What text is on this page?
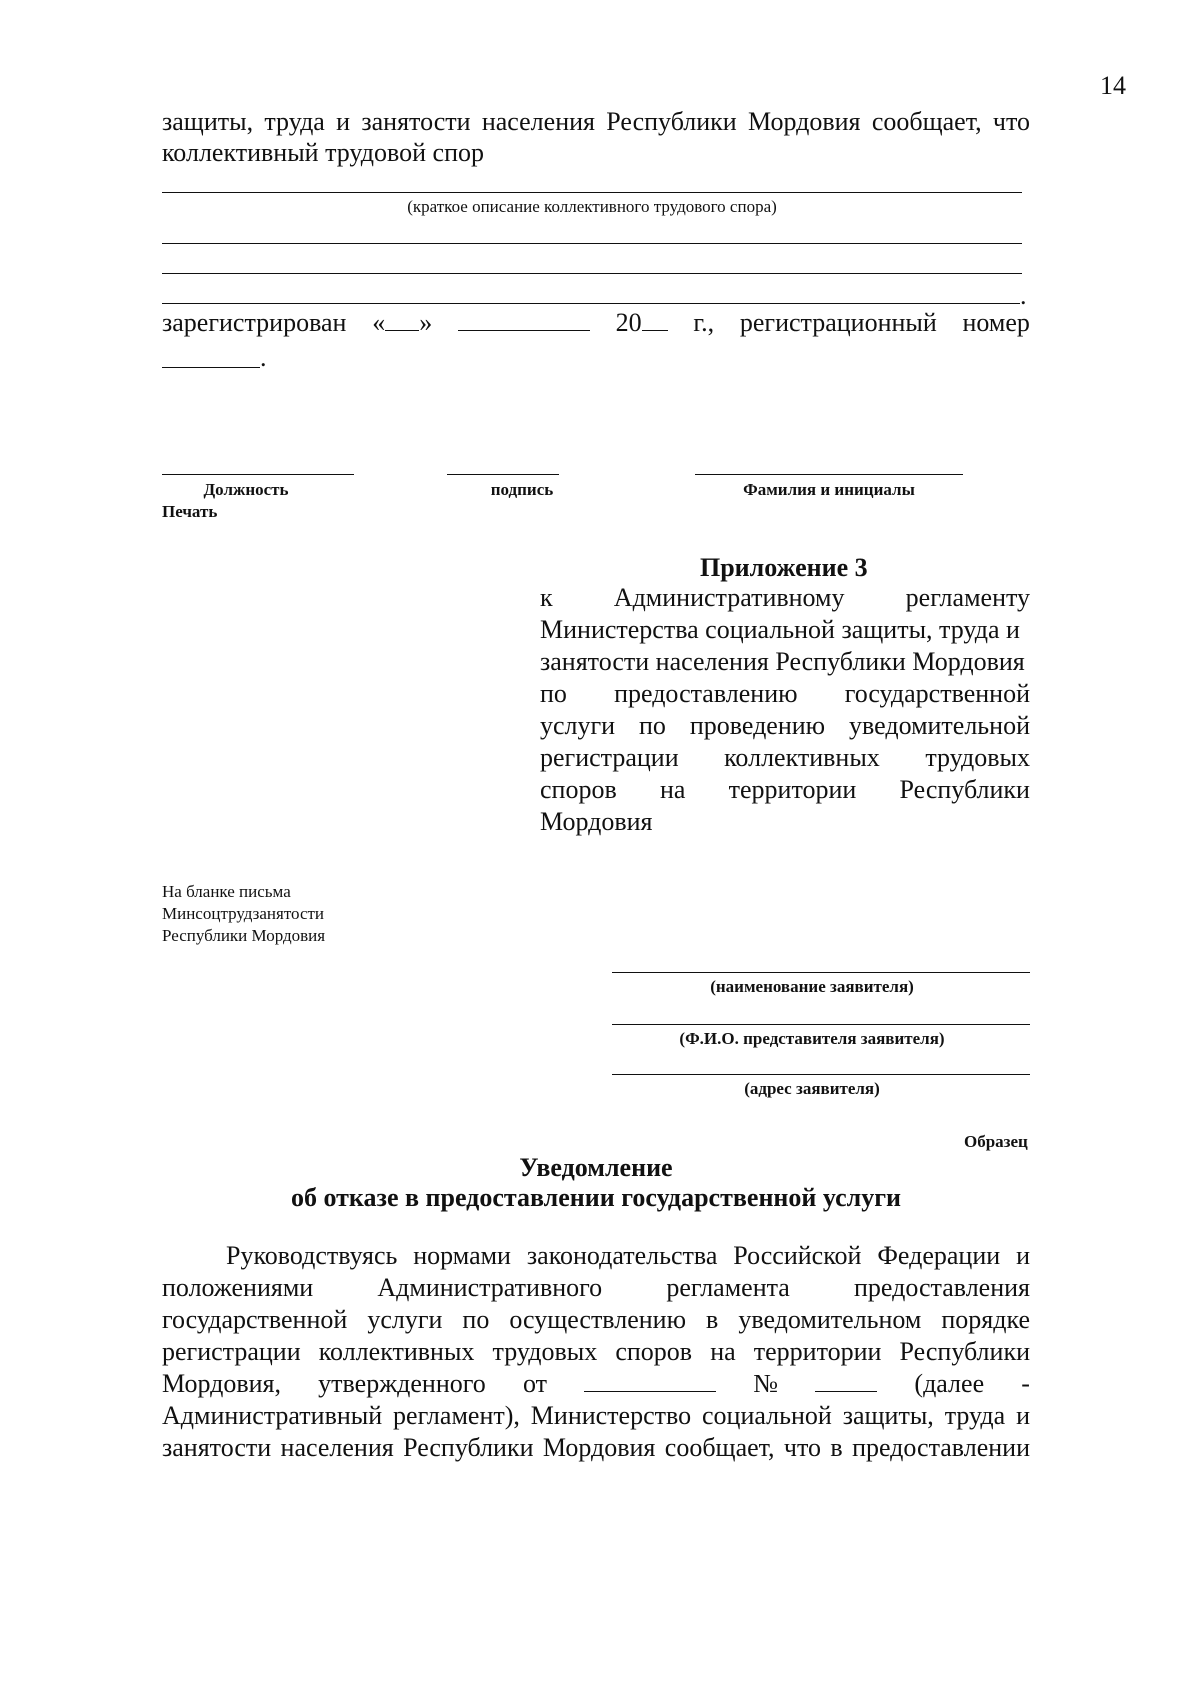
14
защиты, труда и занятости населения Республики Мордовия сообщает, что
коллективный трудовой спор
(краткое описание коллективного трудового спора)
.
зарегистрирован « »	20	г., регистрационный номер
.
Должность	подпись	Фамилия и инициалы
Печать
Приложение 3
к Административному регламенту
Министерства социальной защиты, труда и
занятости населения Республики Мордовия
по предоставлению государственной
услуги по проведению уведомительной
регистрации коллективных трудовых
споров на территории Республики
Мордовия
На бланке письма
Минсоцтрудзанятости
Республики Мордовия
(наименование заявителя)
(Ф.И.О. представителя заявителя)
(адрес заявителя)
Образец
Уведомление
об отказе в предоставлении государственной услуги
Руководствуясь нормами законодательства Российской Федерации и
положениями Административного регламента предоставления
государственной услуги по осуществлению в уведомительном порядке
регистрации коллективных трудовых споров на территории Республики
Мордовия, утвержденного от	№	(далее -
Административный регламент), Министерство социальной защиты, труда и
занятости населения Республики Мордовия сообщает, что в предоставлении
